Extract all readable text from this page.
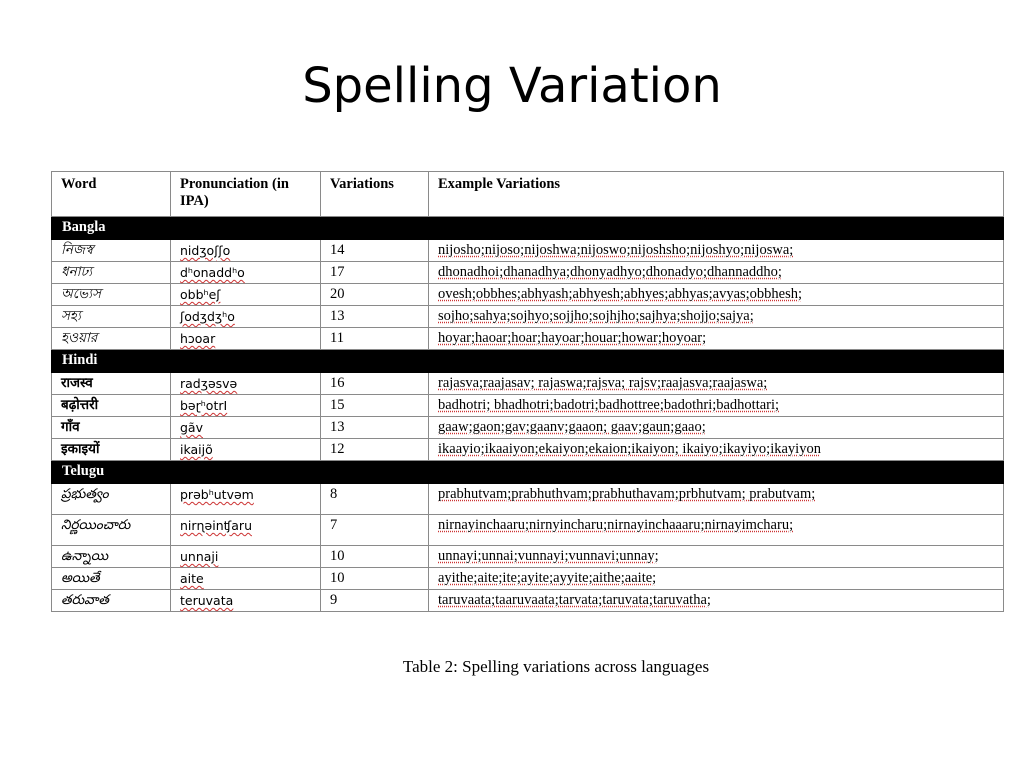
Spelling Variation
Word	Pronunciation (in IPA)	Variations	Example Variations
Bangla			
নিজস্ব	nidʒoʃʃo	14	nijosho;nijoso;nijoshwa;nijoswo;nijoshsho;nijoshyo;nijoswa;
ধনাঢ্য	dʰonaddʰo	17	dhonadhoi;dhanadhya;dhonyadhyo;dhonadyo;dhannaddho;
অভ্যেস	obbʰeʃ	20	ovesh;obbhes;abhyash;abhyesh;abhyes;abhyas;avyas;obbhesh;
সহ্য	ʃodʒdʒʰo	13	sojho;sahya;sojhyo;sojjho;sojhjho;sajhya;shojjo;sajya;
হওয়ার	hɔoar	11	hoyar;haoar;hoar;hayoar;houar;howar;hoyoar;
Hindi			
राजस्व	radʒəsvə	16	rajasva;raajasav; rajaswa;rajsva; rajsv;raajasva;raajaswa;
बढ़ोत्तरी	bəɽʰotrI	15	badhotri; bhadhotri;badotri;badhottree;badothri;badhottari;
गाँव	gãv	13	gaaw;gaon;gav;gaanv;gaaon; gaav;gaun;gaao;
इकाइयों	ikaijõ	12	ikaayio;ikaaiyon;ekaiyon;ekaion;ikaiyon; ikaiyo;ikayiyo;ikayiyon
Telugu			
ప్రభుత్వం	prəbʰutvəm	8	prabhutvam;prabhuthvam;prabhuthavam;prbhutvam; prabutvam;
నిర్ణయించారు	nirɳəinʧaru	7	nirnayinchaaru;nirnyincharu;nirnayinchaaaru;nirnayimcharu;
ఉన్నాయి	unnaji	10	unnayi;unnai;vunnayi;vunnavi;unnay;
అయితే	aite	10	ayithe;aite;ite;ayite;ayyite;aithe;aaite;
తరువాత	teruvata	9	taruvaata;taaruvaata;tarvata;taruvata;taruvatha;
Table 2: Spelling variations across languages
